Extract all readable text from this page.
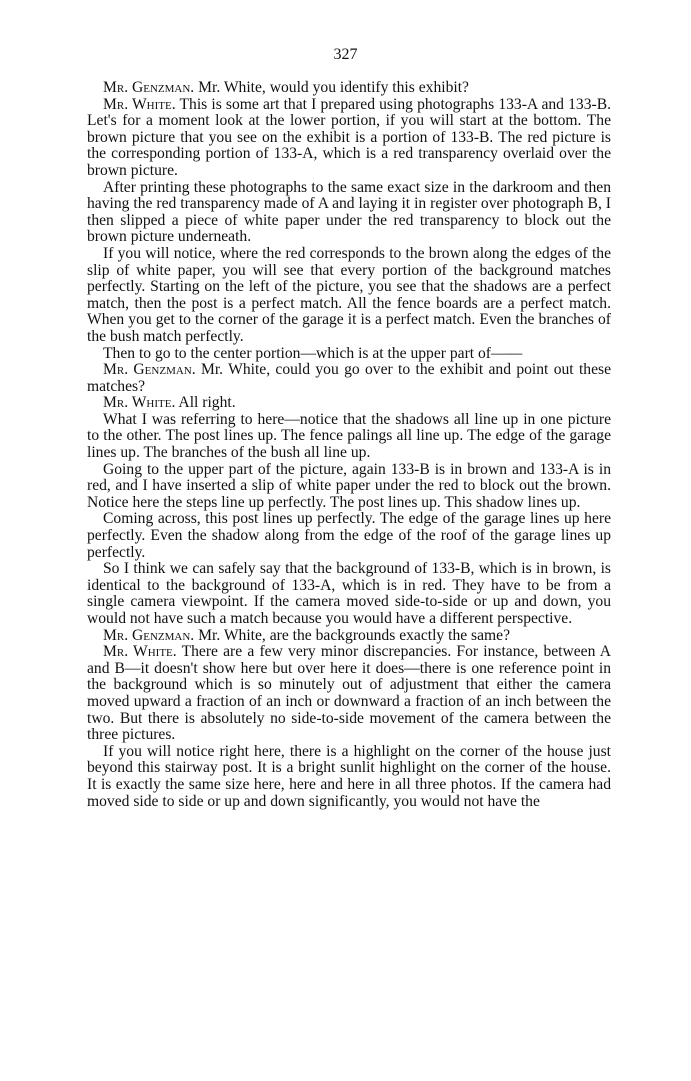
327

Mr. Genzman. Mr. White, would you identify this exhibit?

Mr. White. This is some art that I prepared using photographs 133-A and 133-B. Let's for a moment look at the lower portion, if you will start at the bottom. The brown picture that you see on the exhibit is a portion of 133-B. The red picture is the corresponding portion of 133-A, which is a red transparency overlaid over the brown picture.

After printing these photographs to the same exact size in the darkroom and then having the red transparency made of A and laying it in register over photograph B, I then slipped a piece of white paper under the red transparency to block out the brown picture underneath.

If you will notice, where the red corresponds to the brown along the edges of the slip of white paper, you will see that every portion of the background matches perfectly. Starting on the left of the picture, you see that the shadows are a perfect match, then the post is a perfect match. All the fence boards are a perfect match. When you get to the corner of the garage it is a perfect match. Even the branches of the bush match perfectly.

Then to go to the center portion—which is at the upper part of——

Mr. Genzman. Mr. White, could you go over to the exhibit and point out these matches?

Mr. White. All right.

What I was referring to here—notice that the shadows all line up in one picture to the other. The post lines up. The fence palings all line up. The edge of the garage lines up. The branches of the bush all line up.

Going to the upper part of the picture, again 133-B is in brown and 133-A is in red, and I have inserted a slip of white paper under the red to block out the brown. Notice here the steps line up perfectly. The post lines up. This shadow lines up.

Coming across, this post lines up perfectly. The edge of the garage lines up here perfectly. Even the shadow along from the edge of the roof of the garage lines up perfectly.

So I think we can safely say that the background of 133-B, which is in brown, is identical to the background of 133-A, which is in red. They have to be from a single camera viewpoint. If the camera moved side-to-side or up and down, you would not have such a match because you would have a different perspective.

Mr. Genzman. Mr. White, are the backgrounds exactly the same?

Mr. White. There are a few very minor discrepancies. For instance, between A and B—it doesn't show here but over here it does—there is one reference point in the background which is so minutely out of adjustment that either the camera moved upward a fraction of an inch or downward a fraction of an inch between the two. But there is absolutely no side-to-side movement of the camera between the three pictures.

If you will notice right here, there is a highlight on the corner of the house just beyond this stairway post. It is a bright sunlit highlight on the corner of the house. It is exactly the same size here, here and here in all three photos. If the camera had moved side to side or up and down significantly, you would not have the
